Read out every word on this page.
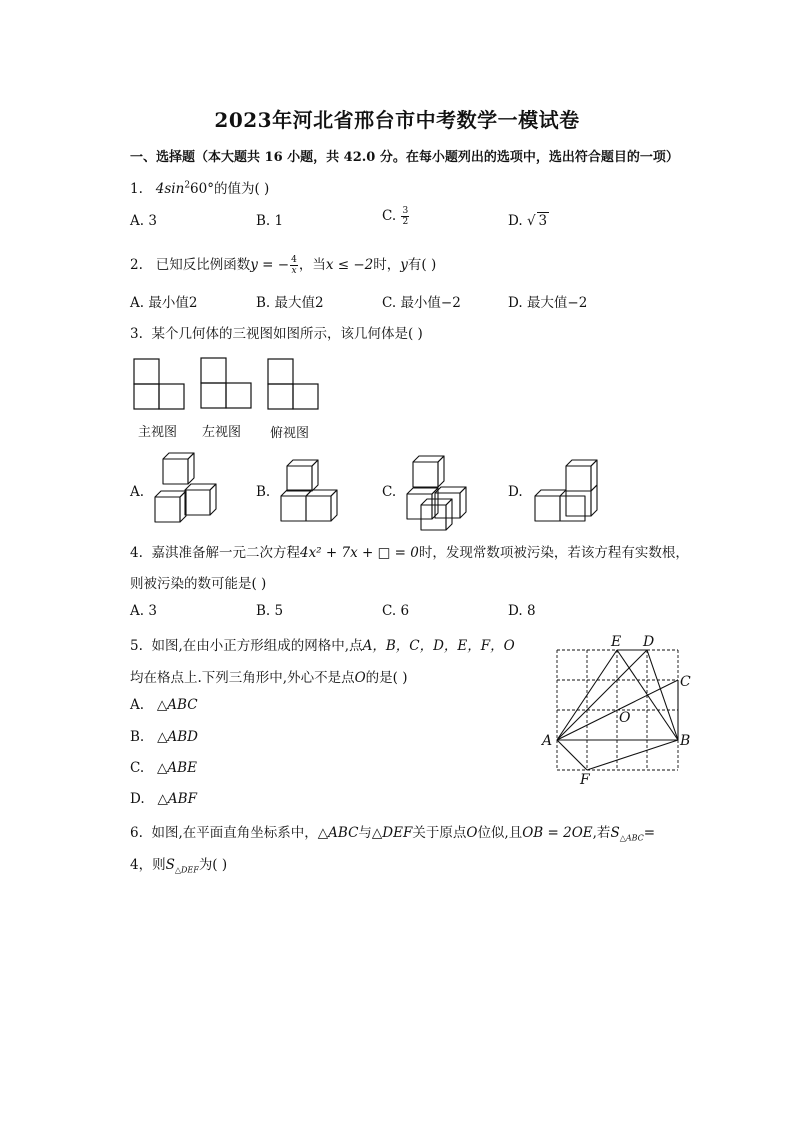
2023年河北省邢台市中考数学一模试卷
一、选择题（本大题共 16 小题，共 42.0 分。在每小题列出的选项中，选出符合题目的一项）
1. $4\sin^260^\circ$的值为( )
A. 3	B. 1	C. $\frac{3}{2}$	D. √ 3
2. 已知反比例函数y = − $\frac{4}{x}$ ，当x ≤ −2时，y有( )
A. 最小值2	B. 最大值2	C. 最小值−2	D. 最大值−2
3. 某个几何体的三视图如图所示，该几何体是( )
主视图 左视图 俯视图
A.	B.	C.	D.
4. 嘉淇准备解一元二次方程4x² + 7x + □ = 0时，发现常数项被污染，若该方程有实数根，
则被污染的数可能是( )
A. 3	B. 5	C. 6	D. 8
5. 如图,在由小正方形组成的网格中,点A，B，C，D，E，F，O
均在格点上.下列三角形中,外心不是点O的是( )
A. △ABC
B. △ABD
C. △ABE
D. △ABF
A	B
C
D
E
F
O
6. 如图,在平面直角坐标系中，△ABC与△DEF关于原点O位似,且OB = 2OE,若$S_{\triangle ABC}=$
4，则$S_{\triangle DEF}$为( )
